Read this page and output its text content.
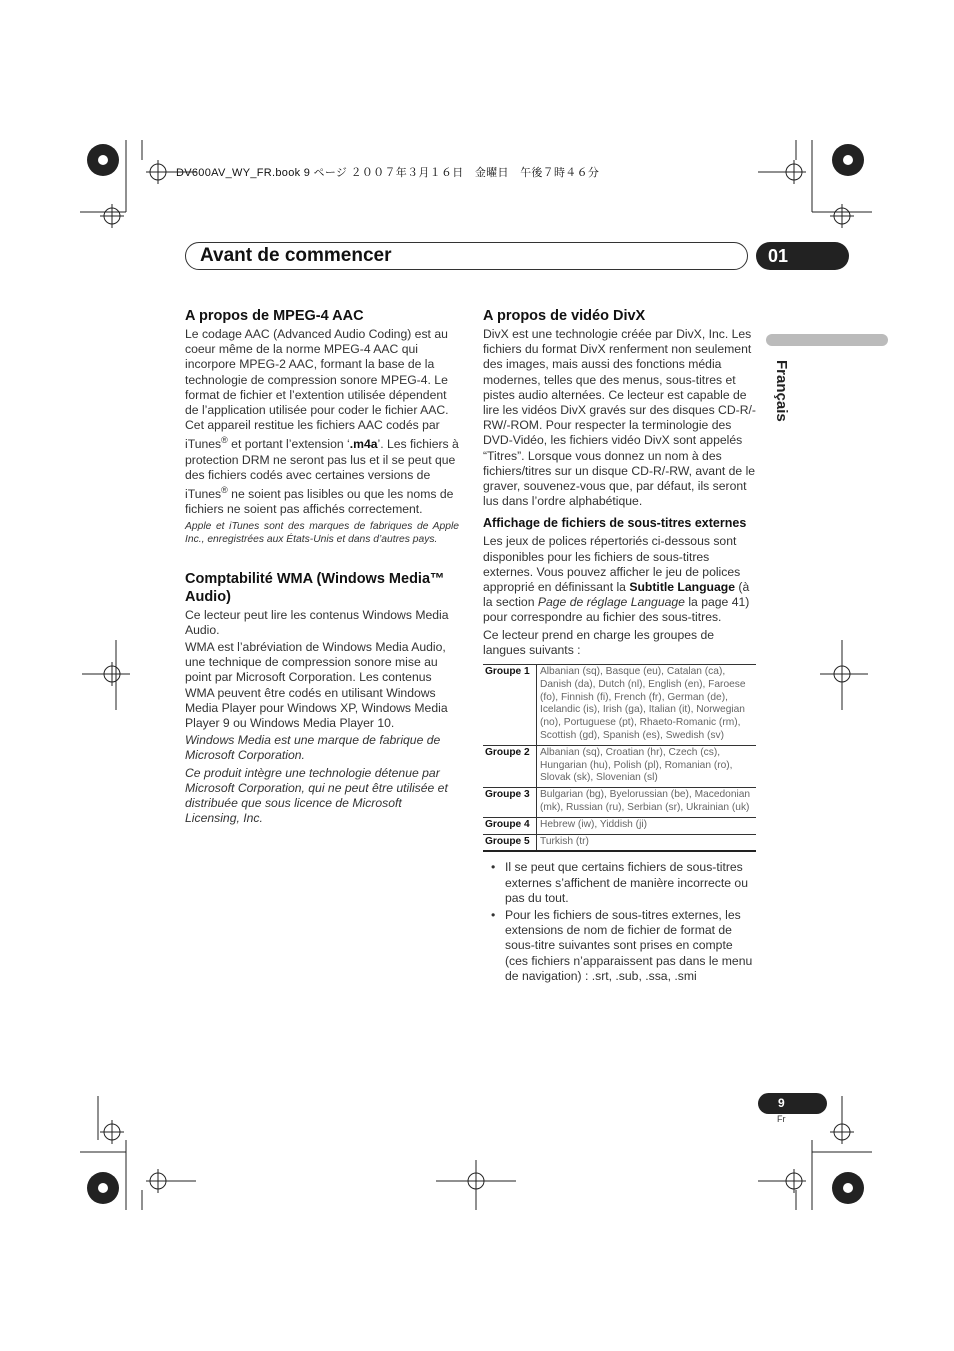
DV600AV_WY_FR.book 9 ページ ２００７年３月１６日　金曜日　午後７時４６分
Avant de commencer	01
Français
A propos de MPEG-4 AAC

Le codage AAC (Advanced Audio Coding) est au coeur même de la norme MPEG-4 AAC qui incorpore MPEG-2 AAC, formant la base de la technologie de compression sonore MPEG-4. Le format de fichier et l’extention utilisée dépendent de l’application utilisée pour coder le fichier AAC. Cet appareil restitue les fichiers AAC codés par iTunes® et portant l’extension ‘.m4a’. Les fichiers à protection DRM ne seront pas lus et il se peut que des fichiers codés avec certaines versions de iTunes® ne soient pas lisibles ou que les noms de fichiers ne soient pas affichés correctement.

Apple et iTunes sont des marques de fabriques de Apple Inc., enregistrées aux États-Unis et dans d’autres pays.

Comptabilité WMA (Windows Media™ Audio)

Ce lecteur peut lire les contenus Windows Media Audio.

WMA est l’abréviation de Windows Media Audio, une technique de compression sonore mise au point par Microsoft Corporation. Les contenus WMA peuvent être codés en utilisant Windows Media Player pour Windows XP, Windows Media Player 9 ou Windows Media Player 10.

Windows Media est une marque de fabrique de Microsoft Corporation.

Ce produit intègre une technologie détenue par Microsoft Corporation, qui ne peut être utilisée et distribuée que sous licence de Microsoft Licensing, Inc.

A propos de vidéo DivX

DivX est une technologie créée par DivX, Inc. Les fichiers du format DivX renferment non seulement des images, mais aussi des fonctions média modernes, telles que des menus, sous-titres et pistes audio alternées. Ce lecteur est capable de lire les vidéos DivX gravés sur des disques CD-R/-RW/-ROM. Pour respecter la terminologie des DVD-Vidéo, les fichiers vidéo DivX sont appelés “Titres”. Lorsque vous donnez un nom à des fichiers/titres sur un disque CD-R/-RW, avant de le graver, souvenez-vous que, par défaut, ils seront lus dans l’ordre alphabétique.

Affichage de fichiers de sous-titres externes

Les jeux de polices répertoriés ci-dessous sont disponibles pour les fichiers de sous-titres externes. Vous pouvez afficher le jeu de polices approprié en définissant la Subtitle Language (à la section Page de réglage Language la page 41) pour correspondre au fichier des sous-titres.

Ce lecteur prend en charge les groupes de langues suivants :

Groupe 1	Albanian (sq), Basque (eu), Catalan (ca), Danish (da), Dutch (nl), English (en), Faroese (fo), Finnish (fi), French (fr), German (de), Icelandic (is), Irish (ga), Italian (it), Norwegian (no), Portuguese (pt), Rhaeto-Romanic (rm), Scottish (gd), Spanish (es), Swedish (sv)
Groupe 2	Albanian (sq), Croatian (hr), Czech (cs), Hungarian (hu), Polish (pl), Romanian (ro), Slovak (sk), Slovenian (sl)
Groupe 3	Bulgarian (bg), Byelorussian (be), Macedonian (mk), Russian (ru), Serbian (sr), Ukrainian (uk)
Groupe 4	Hebrew (iw), Yiddish (ji)
Groupe 5	Turkish (tr)
• Il se peut que certains fichiers de sous-titres externes s’affichent de manière incorrecte ou pas du tout.
• Pour les fichiers de sous-titres externes, les extensions de nom de fichier de format de sous-titre suivantes sont prises en compte (ces fichiers n’apparaissent pas dans le menu de navigation) : .srt, .sub, .ssa, .smi
9
Fr
